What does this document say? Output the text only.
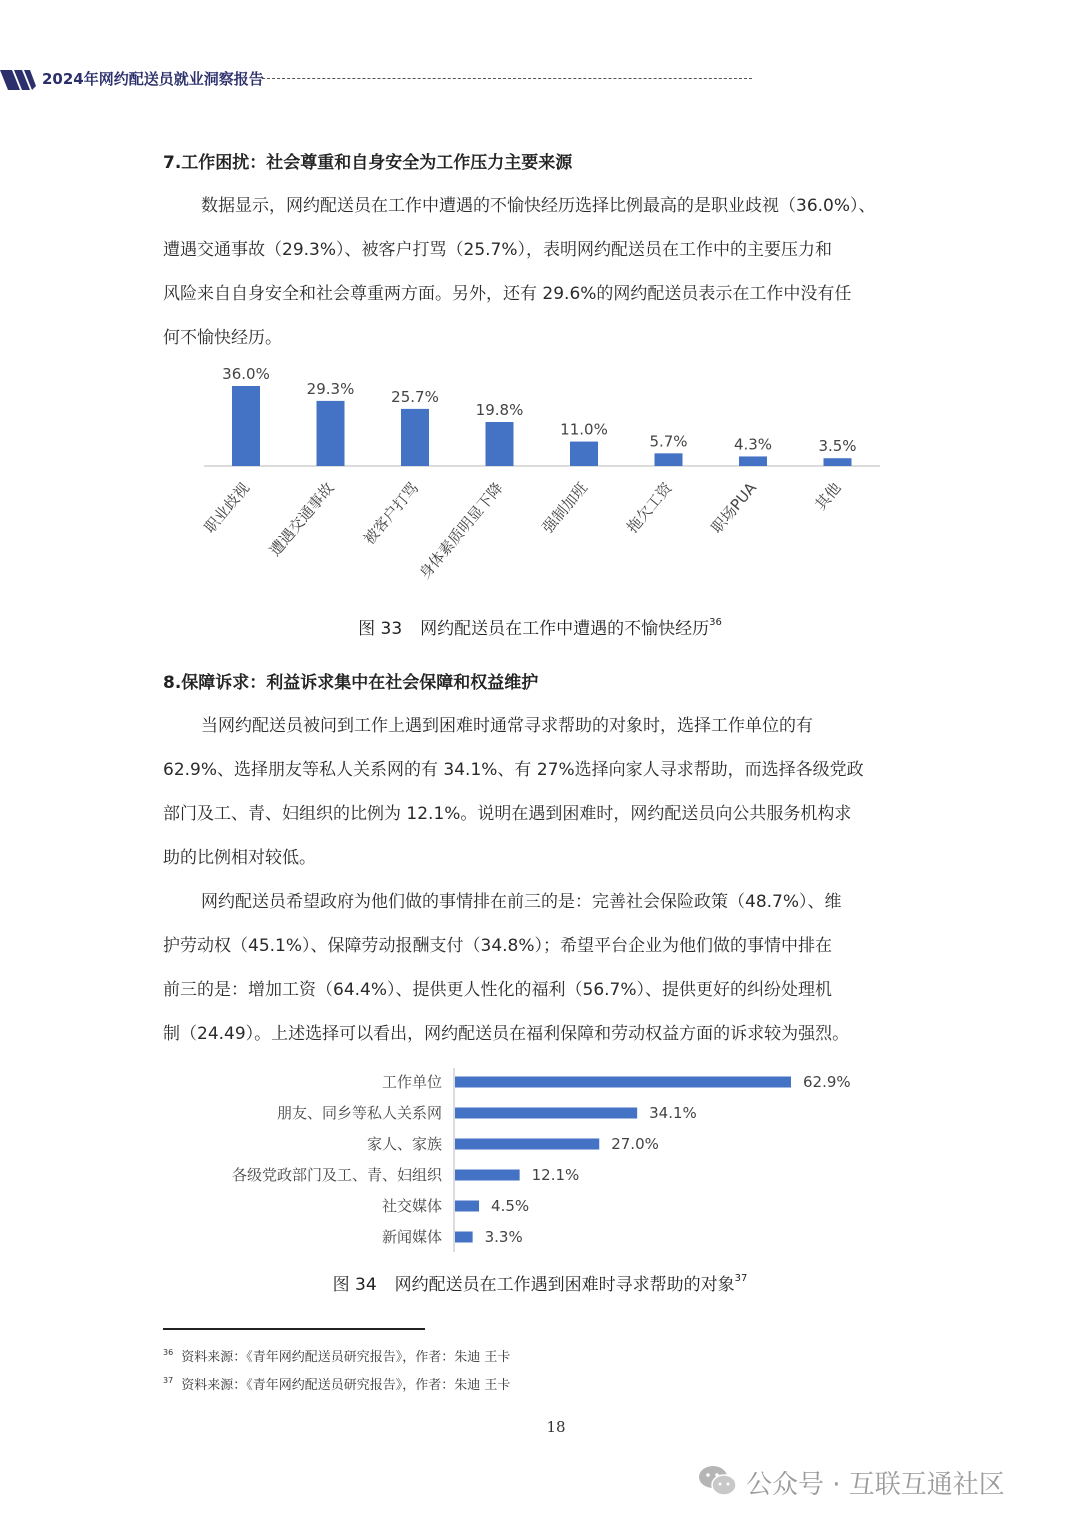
2024年网约配送员就业洞察报告
7.工作困扰：社会尊重和自身安全为工作压力主要来源

数据显示，网约配送员在工作中遭遇的不愉快经历选择比例最高的是职业歧视（36.0%）、
遭遇交通事故（29.3%）、被客户打骂（25.7%），表明网约配送员在工作中的主要压力和
风险来自自身安全和社会尊重两方面。另外，还有 29.6%的网约配送员表示在工作中没有任
何不愉快经历。

36.0%
职业歧视
29.3%
遭遇交通事故
25.7%
被客户打骂
19.8%
身体素质明显下降
11.0%
强制加班
5.7%
拖欠工资
4.3%
职场PUA
3.5%
其他
图 33 网约配送员在工作中遭遇的不愉快经历$^{36}$
8.保障诉求：利益诉求集中在社会保障和权益维护

当网约配送员被问到工作上遇到困难时通常寻求帮助的对象时，选择工作单位的有
62.9%、选择朋友等私人关系网的有 34.1%、有 27%选择向家人寻求帮助，而选择各级党政
部门及工、青、妇组织的比例为 12.1%。说明在遇到困难时，网约配送员向公共服务机构求
助的比例相对较低。

网约配送员希望政府为他们做的事情排在前三的是：完善社会保险政策（48.7%）、维
护劳动权（45.1%）、保障劳动报酬支付（34.8%）；希望平台企业为他们做的事情中排在
前三的是：增加工资（64.4%）、提供更人性化的福利（56.7%）、提供更好的纠纷处理机
制（24.49）。上述选择可以看出，网约配送员在福利保障和劳动权益方面的诉求较为强烈。

工作单位	62.9%
朋友、同乡等私人关系网	34.1%
家人、家族	27.0%
各级党政部门及工、青、妇组织	12.1%
社交媒体	4.5%
新闻媒体	3.3%
图 34 网约配送员在工作遇到困难时寻求帮助的对象$^{37}$
$^{36}$ 资料来源：《青年网约配送员研究报告》，作者：朱迪 王卡
$^{37}$ 资料来源：《青年网约配送员研究报告》，作者：朱迪 王卡
18
公众号 · 互联互通社区
